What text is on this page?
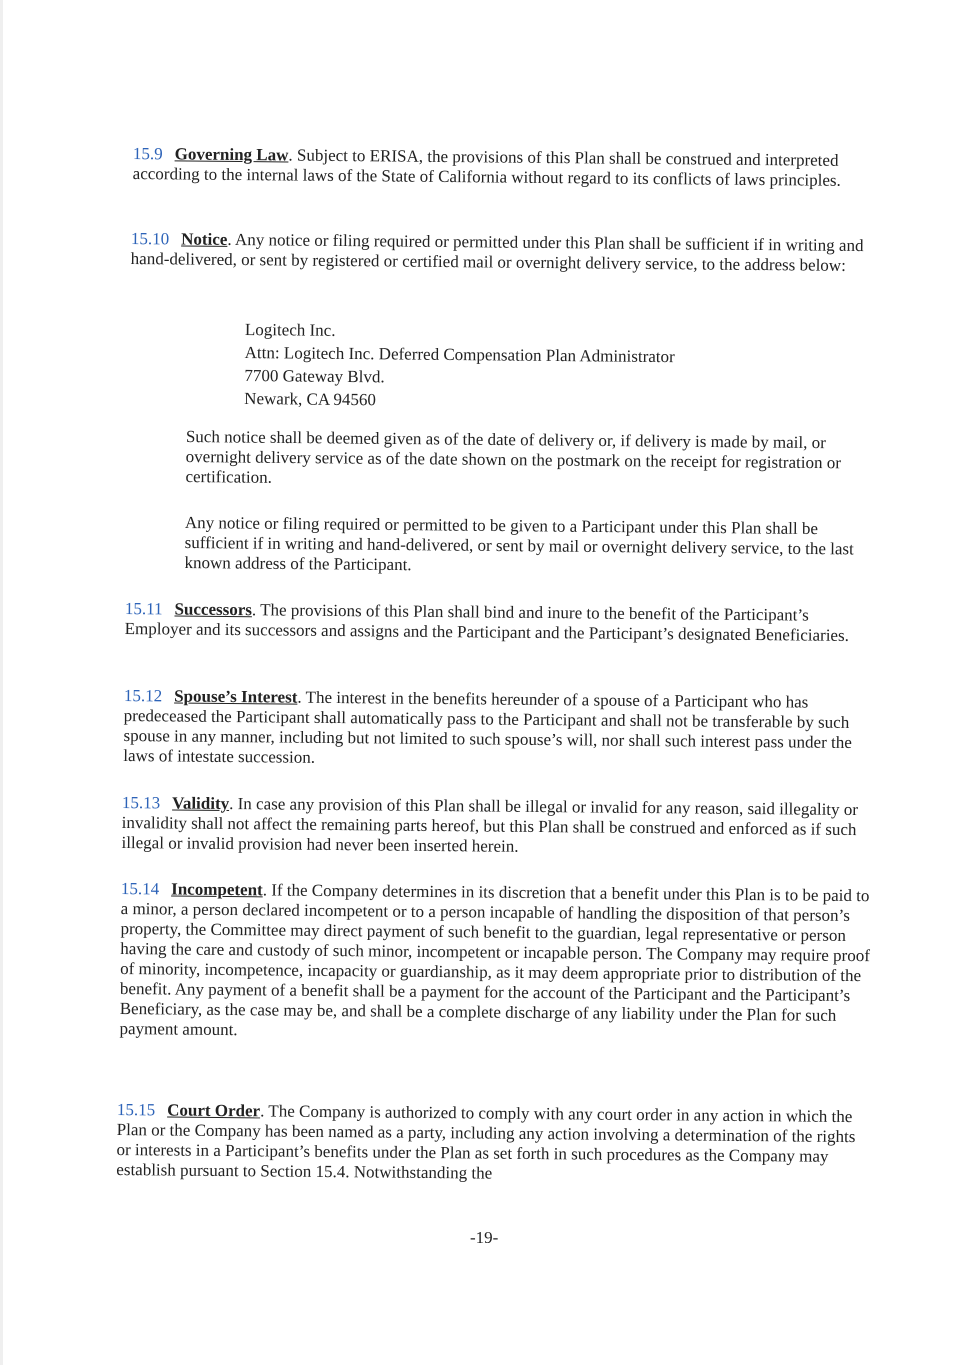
15.9 Governing Law. Subject to ERISA, the provisions of this Plan shall be construed and interpreted according to the internal laws of the State of California without regard to its conflicts of laws principles.
15.10 Notice. Any notice or filing required or permitted under this Plan shall be sufficient if in writing and hand-delivered, or sent by registered or certified mail or overnight delivery service, to the address below:
Logitech Inc.
Attn: Logitech Inc. Deferred Compensation Plan Administrator
7700 Gateway Blvd.
Newark, CA 94560
Such notice shall be deemed given as of the date of delivery or, if delivery is made by mail, or overnight delivery service as of the date shown on the postmark on the receipt for registration or certification.
Any notice or filing required or permitted to be given to a Participant under this Plan shall be sufficient if in writing and hand-delivered, or sent by mail or overnight delivery service, to the last known address of the Participant.
15.11 Successors. The provisions of this Plan shall bind and inure to the benefit of the Participant’s Employer and its successors and assigns and the Participant and the Participant’s designated Beneficiaries.
15.12 Spouse’s Interest. The interest in the benefits hereunder of a spouse of a Participant who has predeceased the Participant shall automatically pass to the Participant and shall not be transferable by such spouse in any manner, including but not limited to such spouse’s will, nor shall such interest pass under the laws of intestate succession.
15.13 Validity. In case any provision of this Plan shall be illegal or invalid for any reason, said illegality or invalidity shall not affect the remaining parts hereof, but this Plan shall be construed and enforced as if such illegal or invalid provision had never been inserted herein.
15.14 Incompetent. If the Company determines in its discretion that a benefit under this Plan is to be paid to a minor, a person declared incompetent or to a person incapable of handling the disposition of that person’s property, the Committee may direct payment of such benefit to the guardian, legal representative or person having the care and custody of such minor, incompetent or incapable person. The Company may require proof of minority, incompetence, incapacity or guardianship, as it may deem appropriate prior to distribution of the benefit. Any payment of a benefit shall be a payment for the account of the Participant and the Participant’s Beneficiary, as the case may be, and shall be a complete discharge of any liability under the Plan for such payment amount.
15.15 Court Order. The Company is authorized to comply with any court order in any action in which the Plan or the Company has been named as a party, including any action involving a determination of the rights or interests in a Participant’s benefits under the Plan as set forth in such procedures as the Company may establish pursuant to Section 15.4. Notwithstanding the
-19-
